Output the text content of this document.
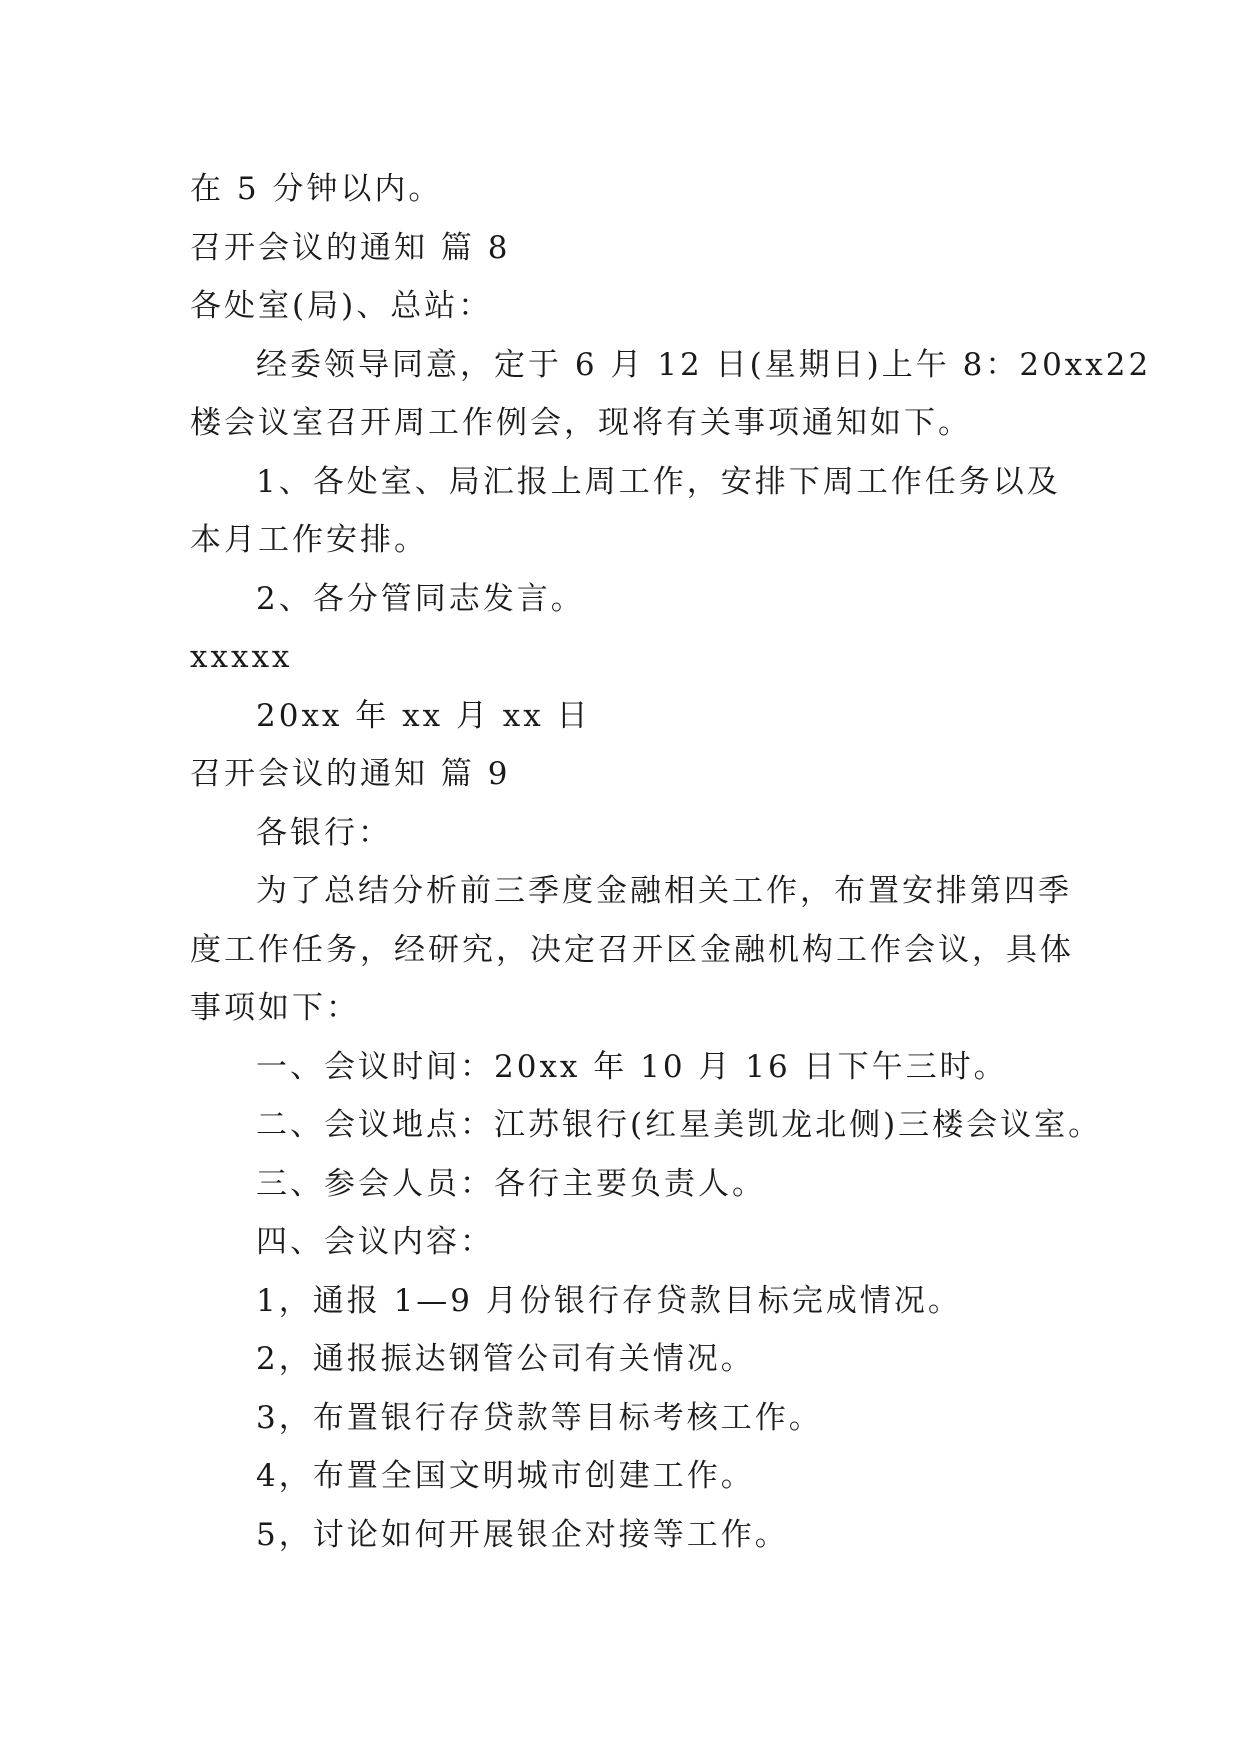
在 5 分钟以内。

召开会议的通知 篇 8

各处室(局)、总站：

经委领导同意，定于 6 月 12 日(星期日)上午 8：20xx22

楼会议室召开周工作例会，现将有关事项通知如下。

1、各处室、局汇报上周工作，安排下周工作任务以及

本月工作安排。

2、各分管同志发言。

xxxxx

20xx 年 xx 月 xx 日

召开会议的通知 篇 9

各银行：

为了总结分析前三季度金融相关工作，布置安排第四季

度工作任务，经研究，决定召开区金融机构工作会议，具体

事项如下：

一、会议时间：20xx 年 10 月 16 日下午三时。

二、会议地点：江苏银行(红星美凯龙北侧)三楼会议室。

三、参会人员：各行主要负责人。

四、会议内容：

1，通报 1—9 月份银行存贷款目标完成情况。

2，通报振达钢管公司有关情况。

3，布置银行存贷款等目标考核工作。

4，布置全国文明城市创建工作。

5，讨论如何开展银企对接等工作。
